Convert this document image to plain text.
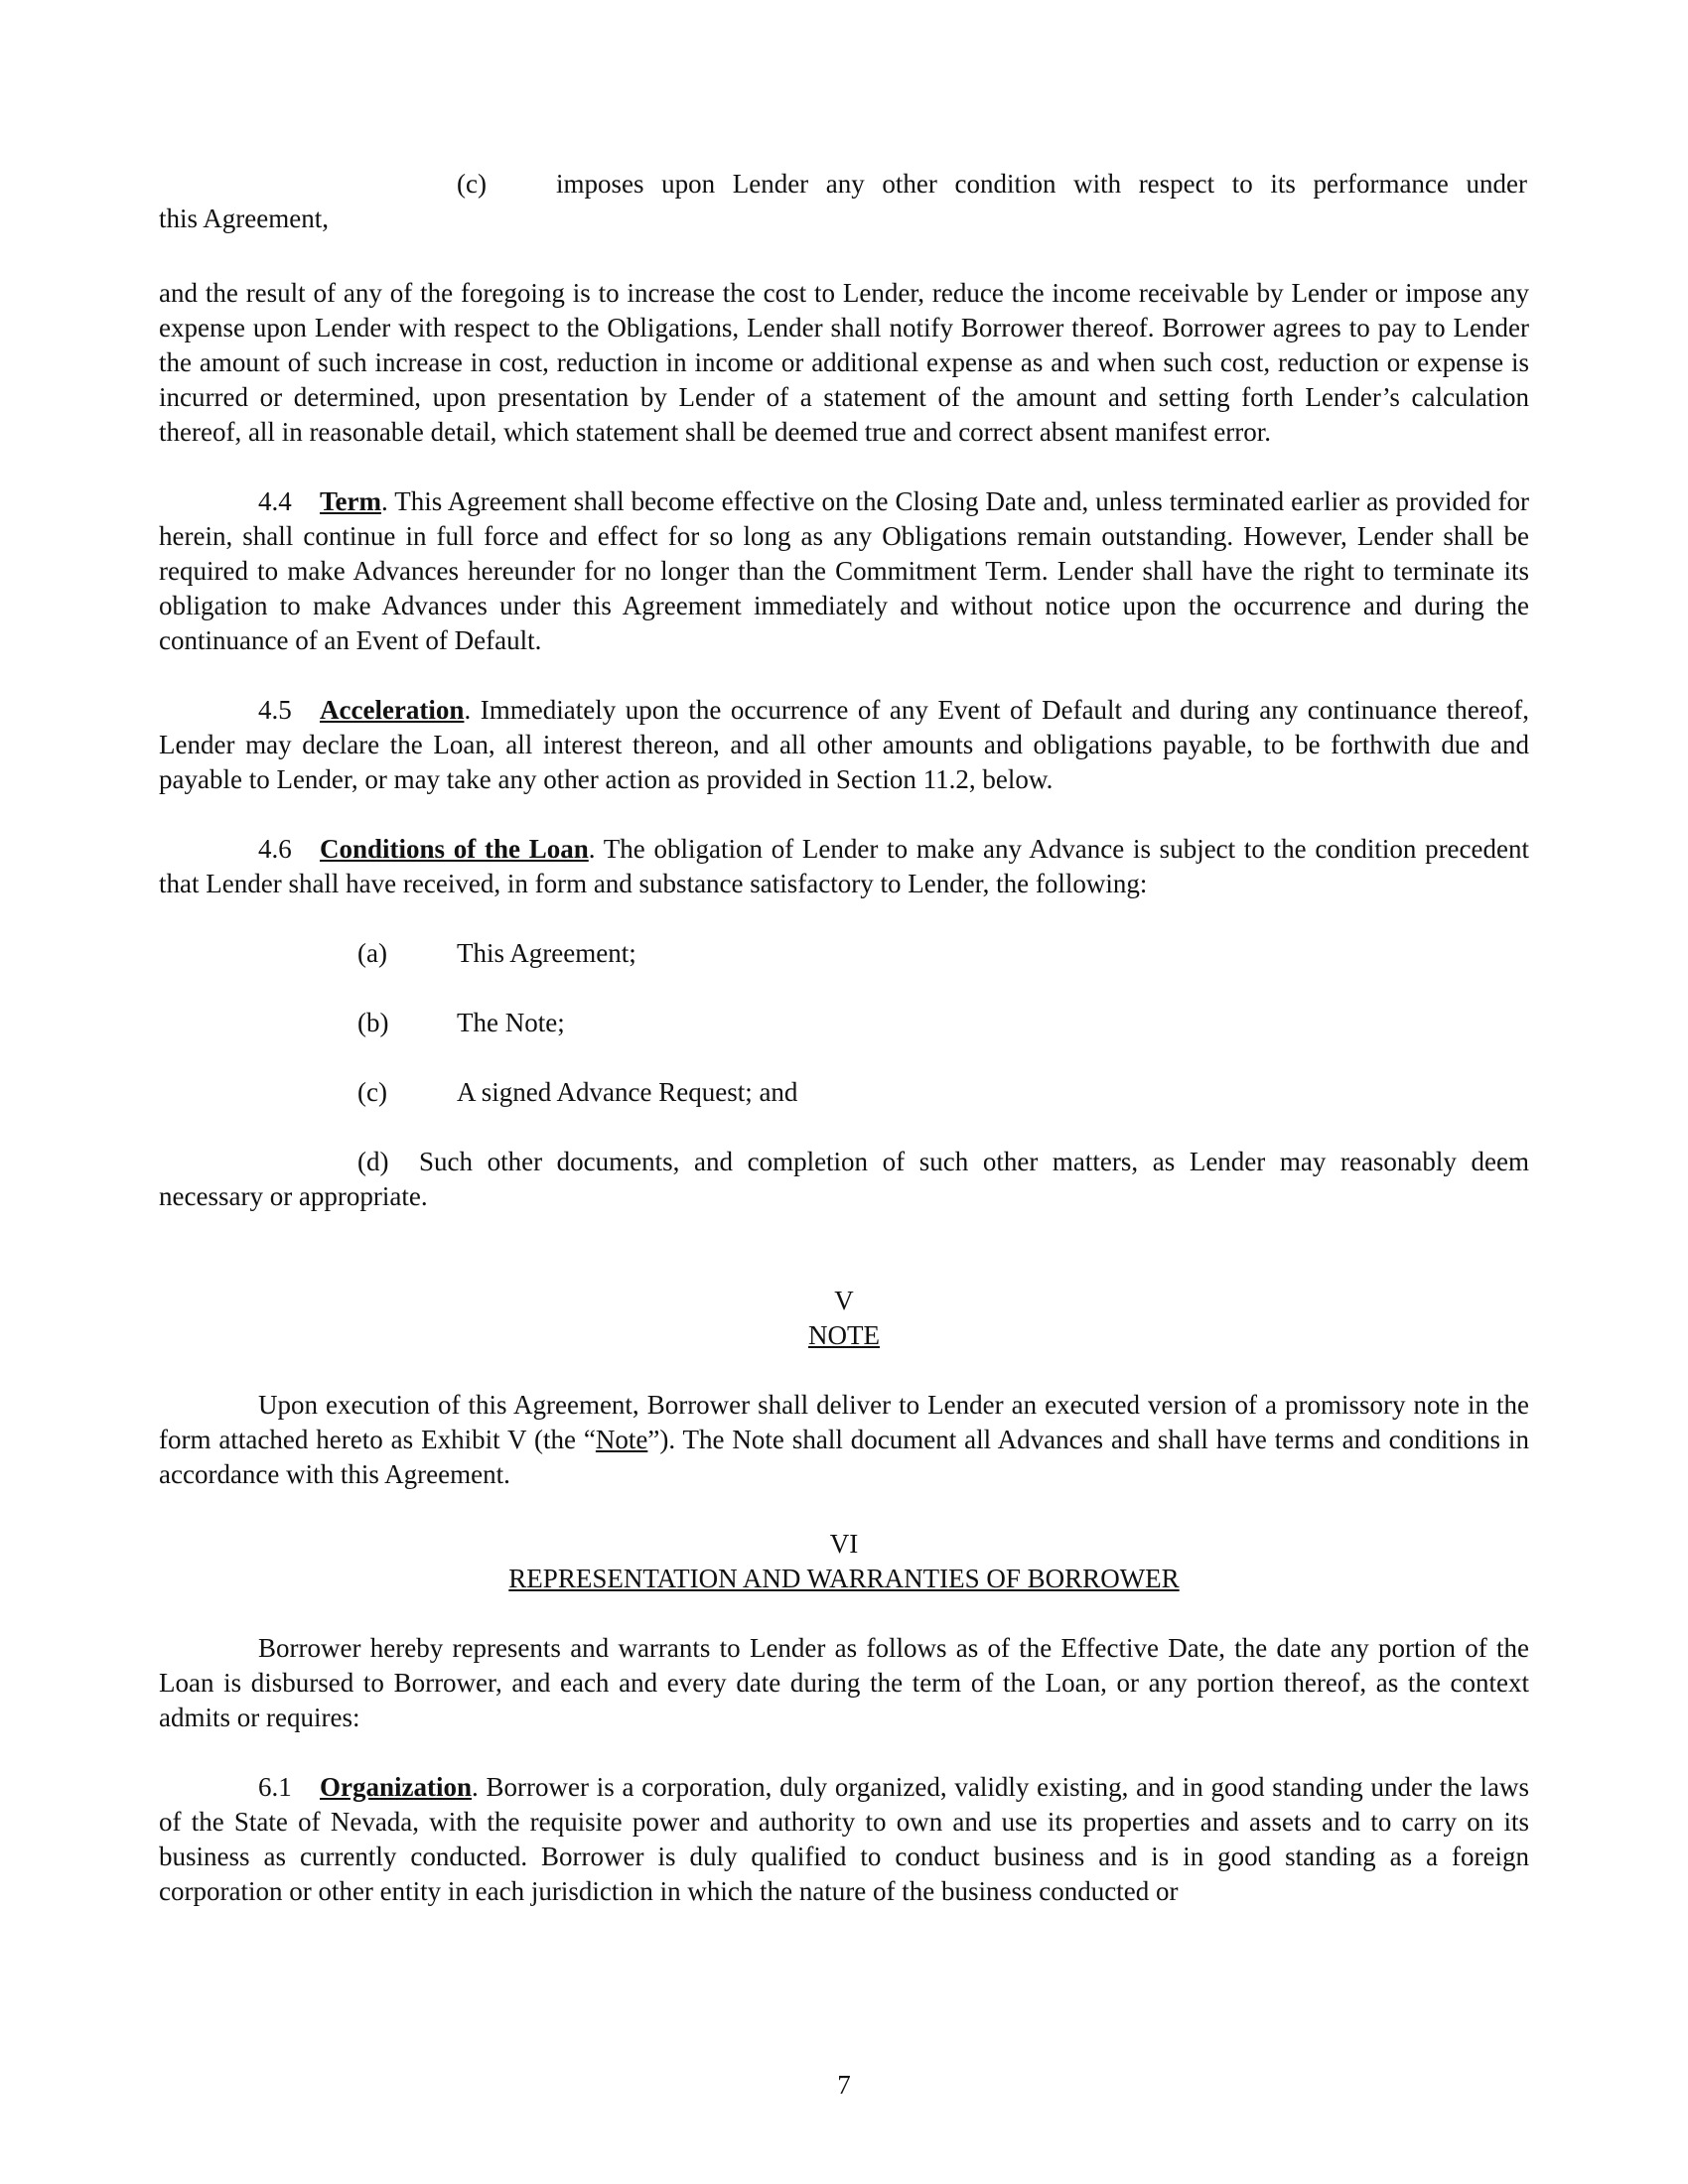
(c)	imposes upon Lender any other condition with respect to its performance under
this Agreement,

and the result of any of the foregoing is to increase the cost to Lender, reduce the income receivable by Lender or impose any expense upon Lender with respect to the Obligations, Lender shall notify Borrower thereof. Borrower agrees to pay to Lender the amount of such increase in cost, reduction in income or additional expense as and when such cost, reduction or expense is incurred or determined, upon presentation by Lender of a statement of the amount and setting forth Lender’s calculation thereof, all in reasonable detail, which statement shall be deemed true and correct absent manifest error.

4.4 Term. This Agreement shall become effective on the Closing Date and, unless terminated earlier as provided for herein, shall continue in full force and effect for so long as any Obligations remain outstanding. However, Lender shall be required to make Advances hereunder for no longer than the Commitment Term. Lender shall have the right to terminate its obligation to make Advances under this Agreement immediately and without notice upon the occurrence and during the continuance of an Event of Default.

4.5 Acceleration. Immediately upon the occurrence of any Event of Default and during any continuance thereof, Lender may declare the Loan, all interest thereon, and all other amounts and obligations payable, to be forthwith due and payable to Lender, or may take any other action as provided in Section 11.2, below.

4.6 Conditions of the Loan. The obligation of Lender to make any Advance is subject to the condition precedent that Lender shall have received, in form and substance satisfactory to Lender, the following:

(a)	This Agreement;

(b)	The Note;

(c)	A signed Advance Request; and

(d) Such other documents, and completion of such other matters, as Lender may reasonably deem necessary or appropriate.

V
NOTE

Upon execution of this Agreement, Borrower shall deliver to Lender an executed version of a promissory note in the form attached hereto as Exhibit V (the “Note”). The Note shall document all Advances and shall have terms and conditions in accordance with this Agreement.

VI
REPRESENTATION AND WARRANTIES OF BORROWER

Borrower hereby represents and warrants to Lender as follows as of the Effective Date, the date any portion of the Loan is disbursed to Borrower, and each and every date during the term of the Loan, or any portion thereof, as the context admits or requires:

6.1 Organization. Borrower is a corporation, duly organized, validly existing, and in good standing under the laws of the State of Nevada, with the requisite power and authority to own and use its properties and assets and to carry on its business as currently conducted. Borrower is duly qualified to conduct business and is in good standing as a foreign corporation or other entity in each jurisdiction in which the nature of the business conducted or

7
